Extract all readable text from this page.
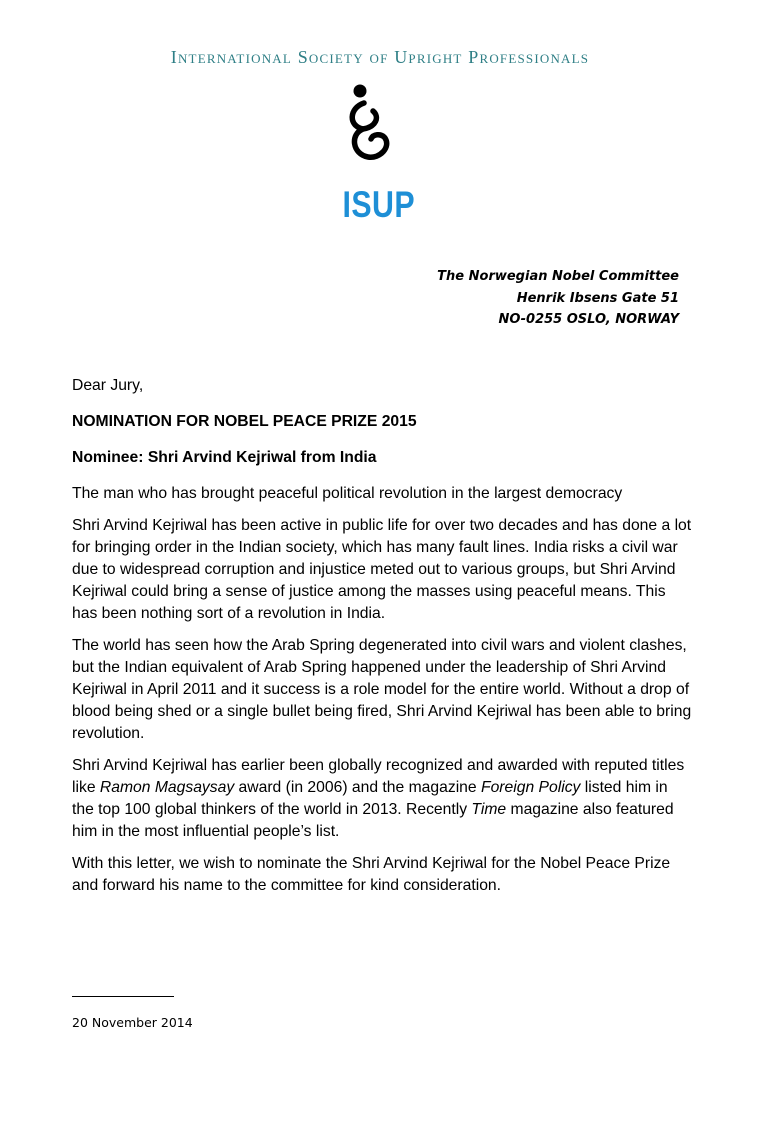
International Society of Upright Professionals
ISUP
The Norwegian Nobel Committee
Henrik Ibsens Gate 51
NO-0255 OSLO, NORWAY
Dear Jury,
NOMINATION FOR NOBEL PEACE PRIZE 2015
Nominee: Shri Arvind Kejriwal from India
The man who has brought peaceful political revolution in the largest democracy

Shri Arvind Kejriwal has been active in public life for over two decades and has done a lot for bringing order in the Indian society, which has many fault lines. India risks a civil war due to widespread corruption and injustice meted out to various groups, but Shri Arvind Kejriwal could bring a sense of justice among the masses using peaceful means. This has been nothing sort of a revolution in India.

The world has seen how the Arab Spring degenerated into civil wars and violent clashes, but the Indian equivalent of Arab Spring happened under the leadership of Shri Arvind Kejriwal in April 2011 and it success is a role model for the entire world. Without a drop of blood being shed or a single bullet being fired, Shri Arvind Kejriwal has been able to bring revolution.

Shri Arvind Kejriwal has earlier been globally recognized and awarded with reputed titles like Ramon Magsaysay award (in 2006) and the magazine Foreign Policy listed him in the top 100 global thinkers of the world in 2013. Recently Time magazine also featured him in the most influential people’s list.

With this letter, we wish to nominate the Shri Arvind Kejriwal for the Nobel Peace Prize and forward his name to the committee for kind consideration.

20 November 2014
